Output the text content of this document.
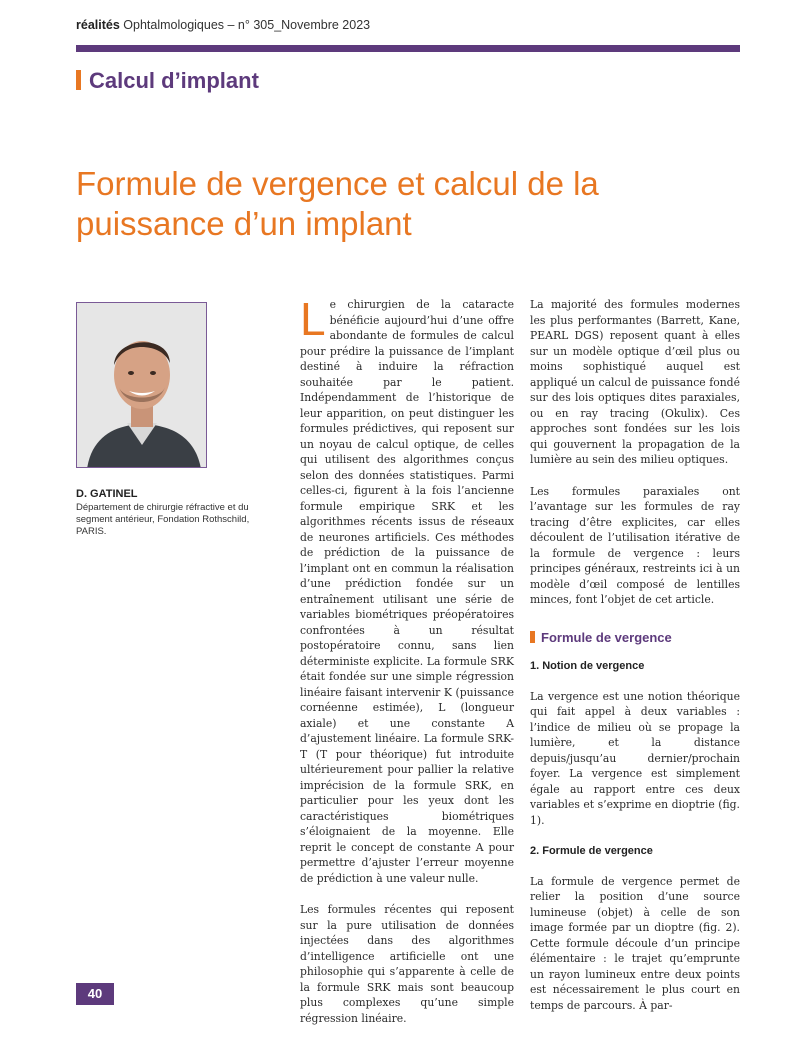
réalités Ophtalmologiques – n° 305_Novembre 2023
Calcul d’implant
Formule de vergence et calcul de la puissance d’un implant
D. GATINEL
Département de chirurgie réfractive et du segment antérieur, Fondation Rothschild, PARIS.

Le chirurgien de la cataracte bénéficie aujourd’hui d’une offre abondante de formules de calcul pour prédire la puissance de l’implant destiné à induire la réfraction souhaitée par le patient. Indépendamment de l’historique de leur apparition, on peut distinguer les formules prédictives, qui reposent sur un noyau de calcul optique, de celles qui utilisent des algorithmes conçus selon des données statistiques. Parmi celles-ci, figurent à la fois l’ancienne formule empirique SRK et les algorithmes récents issus de réseaux de neurones artificiels. Ces méthodes de prédiction de la puissance de l’implant ont en commun la réalisation d’une prédiction fondée sur un entraînement utilisant une série de variables biométriques préopératoires confrontées à un résultat postopératoire connu, sans lien déterministe explicite. La formule SRK était fondée sur une simple régression linéaire faisant intervenir K (puissance cornéenne estimée), L (longueur axiale) et une constante A d’ajustement linéaire. La formule SRK-T (T pour théorique) fut introduite ultérieurement pour pallier la relative imprécision de la formule SRK, en particulier pour les yeux dont les caractéristiques biométriques s’éloignaient de la moyenne. Elle reprit le concept de constante A pour permettre d’ajuster l’erreur moyenne de prédiction à une valeur nulle.

Les formules récentes qui reposent sur la pure utilisation de données injectées dans des algorithmes d’intelligence artificielle ont une philosophie qui s’apparente à celle de la formule SRK mais sont beaucoup plus complexes qu’une simple régression linéaire.

La majorité des formules modernes les plus performantes (Barrett, Kane, PEARL DGS) reposent quant à elles sur un modèle optique d’œil plus ou moins sophistiqué auquel est appliqué un calcul de puissance fondé sur des lois optiques dites paraxiales, ou en ray tracing (Okulix). Ces approches sont fondées sur les lois qui gouvernent la propagation de la lumière au sein des milieu optiques.

Les formules paraxiales ont l’avantage sur les formules de ray tracing d’être explicites, car elles découlent de l’utilisation itérative de la formule de vergence : leurs principes généraux, restreints ici à un modèle d’œil composé de lentilles minces, font l’objet de cet article.

Formule de vergence
1. Notion de vergence

La vergence est une notion théorique qui fait appel à deux variables : l’indice de milieu où se propage la lumière, et la distance depuis/jusqu’au dernier/prochain foyer. La vergence est simplement égale au rapport entre ces deux variables et s’exprime en dioptrie (fig. 1).

2. Formule de vergence

La formule de vergence permet de relier la position d’une source lumineuse (objet) à celle de son image formée par un dioptre (fig. 2). Cette formule découle d’un principe élémentaire : le trajet qu’emprunte un rayon lumineux entre deux points est nécessairement le plus court en temps de parcours. À par-

40
